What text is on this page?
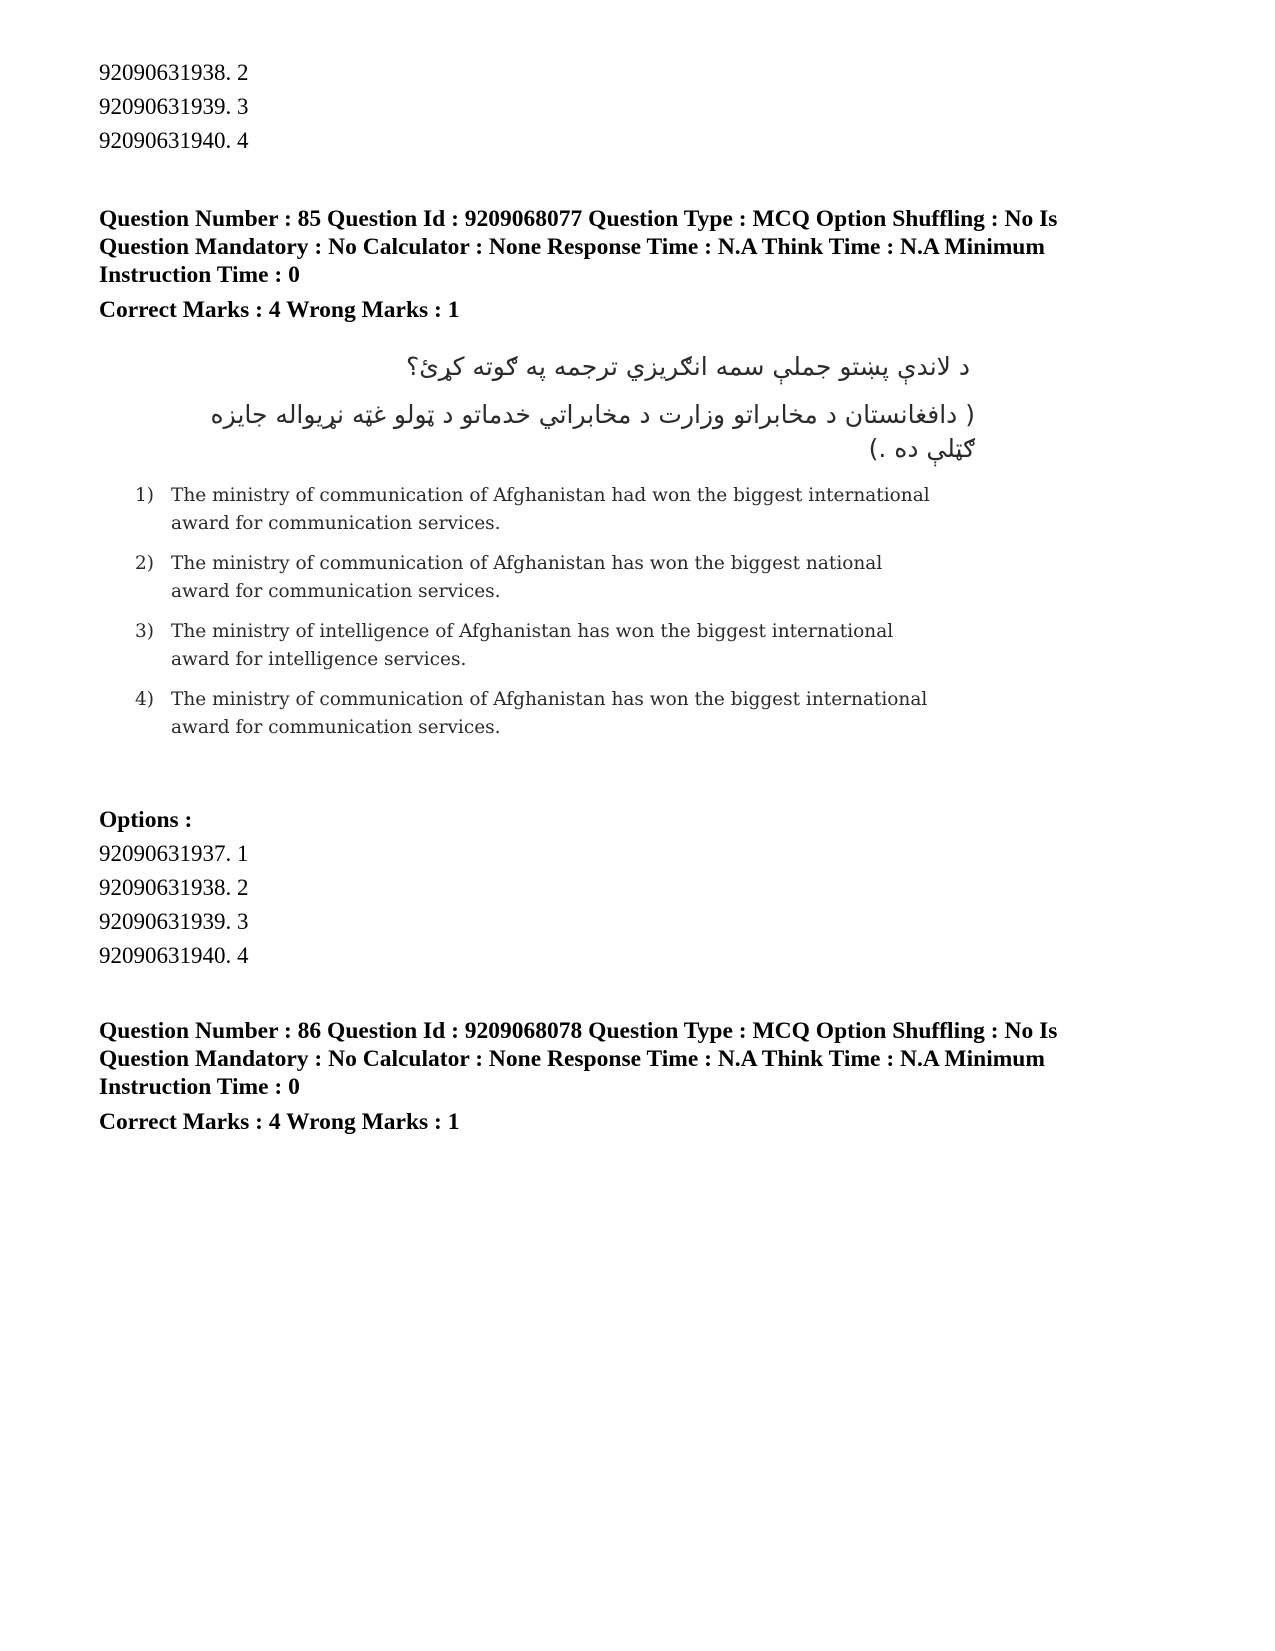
92090631938. 2
92090631939. 3
92090631940. 4
Question Number : 85 Question Id : 9209068077 Question Type : MCQ Option Shuffling : No Is
Question Mandatory : No Calculator : None Response Time : N.A Think Time : N.A Minimum
Instruction Time : 0
Correct Marks : 4 Wrong Marks : 1
د لاندې پښتو جملې سمه انګريزي ترجمه په ګوته کړئ؟
( دافغانستان د مخابراتو وزارت د مخابراتي خدماتو د ټولو غټه نړيواله جايزه
ګټلې ده .)
1) The ministry of communication of Afghanistan had won the biggest international
award for communication services.
2) The ministry of communication of Afghanistan has won the biggest national
award for communication services.
3) The ministry of intelligence of Afghanistan has won the biggest international
award for intelligence services.
4) The ministry of communication of Afghanistan has won the biggest international
award for communication services.
Options :
92090631937. 1
92090631938. 2
92090631939. 3
92090631940. 4
Question Number : 86 Question Id : 9209068078 Question Type : MCQ Option Shuffling : No Is
Question Mandatory : No Calculator : None Response Time : N.A Think Time : N.A Minimum
Instruction Time : 0
Correct Marks : 4 Wrong Marks : 1
